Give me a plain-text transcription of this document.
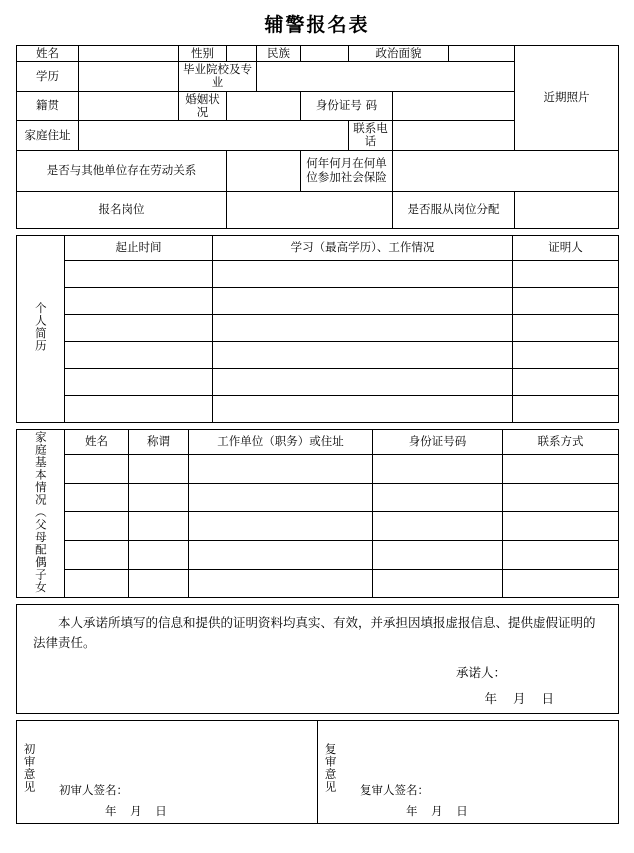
辅警报名表
姓名		性别		民族		政治面貌			近期照片
学历		毕业院校及专业							
籍贯		婚姻状况			身份证号 码				
家庭住址						联系电话			
是否与其他单位存在劳动关系					何年何月在何单位参加社会保险				
报名岗位							是否服从岗位分配		
个人简历	起止时间	学习（最高学历）、工作情况	证明人

家庭基本情况（父母配偶子女	姓名	称谓	工作单位（职务）或住址	身份证号码	联系方式

本人承诺所填写的信息和提供的证明资料均真实、有效，并承担因填报虚报信息、提供虚假证明的法律责任。

承诺人：

年 月 日

初审意见 初审人签名：
年 月 日

复审意见 复审人签名：
年 月 日
